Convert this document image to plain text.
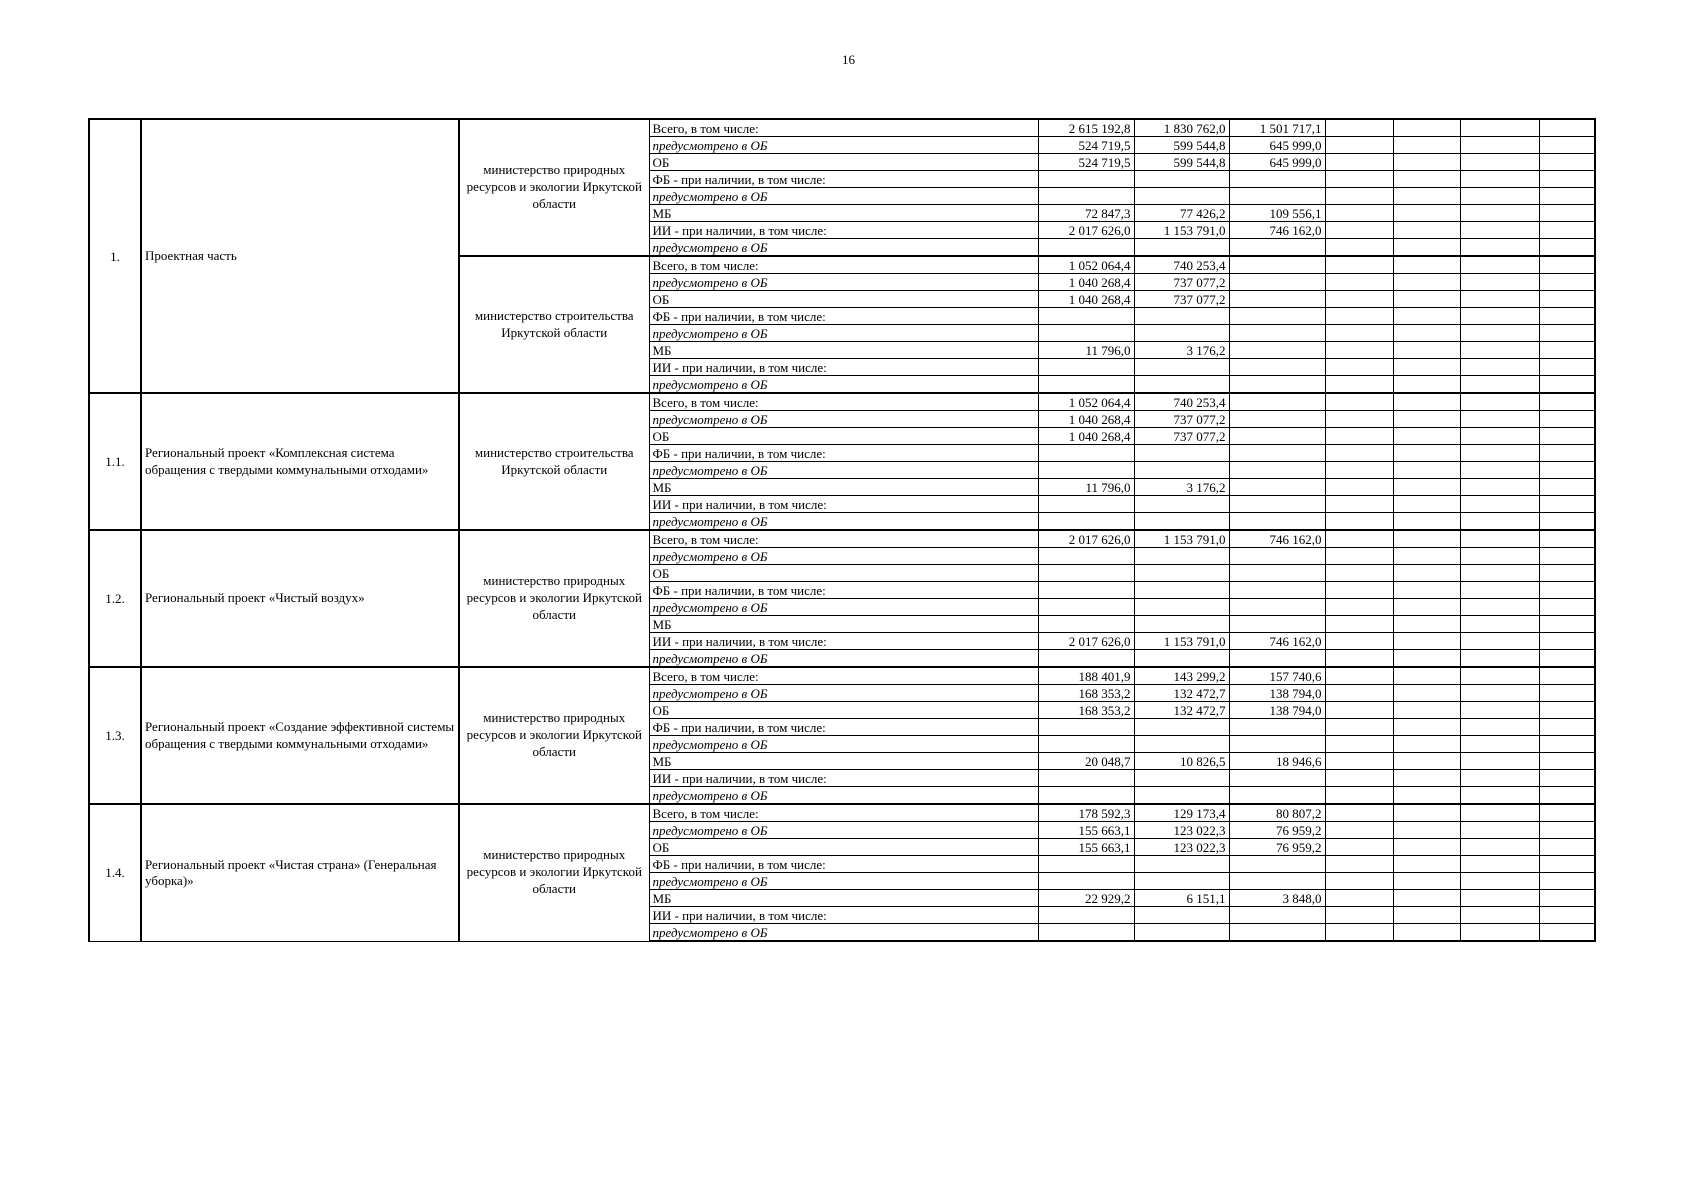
16
1.	Проектная часть	министерство природных ресурсов и экологии Иркутской области	Всего, в том числе:	2 615 192,8	1 830 762,0	1 501 717,1				
			предусмотрено в ОБ	524 719,5	599 544,8	645 999,0				
			ОБ	524 719,5	599 544,8	645 999,0				
			ФБ - при наличии, в том числе:							
			предусмотрено в ОБ							
			МБ	72 847,3	77 426,2	109 556,1				
			ИИ - при наличии, в том числе:	2 017 626,0	1 153 791,0	746 162,0				
			предусмотрено в ОБ							
		министерство строительства Иркутской области	Всего, в том числе:	1 052 064,4	740 253,4					
			предусмотрено в ОБ	1 040 268,4	737 077,2					
			ОБ	1 040 268,4	737 077,2					
			ФБ - при наличии, в том числе:							
			предусмотрено в ОБ							
			МБ	11 796,0	3 176,2					
			ИИ - при наличии, в том числе:							
			предусмотрено в ОБ							
1.1.	Региональный проект «Комплексная система обращения с твердыми коммунальными отходами»	министерство строительства Иркутской области	Всего, в том числе:	1 052 064,4	740 253,4					
			предусмотрено в ОБ	1 040 268,4	737 077,2					
			ОБ	1 040 268,4	737 077,2					
			ФБ - при наличии, в том числе:							
			предусмотрено в ОБ							
			МБ	11 796,0	3 176,2					
			ИИ - при наличии, в том числе:							
			предусмотрено в ОБ							
1.2.	Региональный проект «Чистый воздух»	министерство природных ресурсов и экологии Иркутской области	Всего, в том числе:	2 017 626,0	1 153 791,0	746 162,0				
			предусмотрено в ОБ							
			ОБ							
			ФБ - при наличии, в том числе:							
			предусмотрено в ОБ							
			МБ							
			ИИ - при наличии, в том числе:	2 017 626,0	1 153 791,0	746 162,0				
			предусмотрено в ОБ							
1.3.	Региональный проект «Создание эффективной системы обращения с твердыми коммунальными отходами»	министерство природных ресурсов и экологии Иркутской области	Всего, в том числе:	188 401,9	143 299,2	157 740,6				
			предусмотрено в ОБ	168 353,2	132 472,7	138 794,0				
			ОБ	168 353,2	132 472,7	138 794,0				
			ФБ - при наличии, в том числе:							
			предусмотрено в ОБ							
			МБ	20 048,7	10 826,5	18 946,6				
			ИИ - при наличии, в том числе:							
			предусмотрено в ОБ							
1.4.	Региональный проект «Чистая страна» (Генеральная уборка)»	министерство природных ресурсов и экологии Иркутской области	Всего, в том числе:	178 592,3	129 173,4	80 807,2				
			предусмотрено в ОБ	155 663,1	123 022,3	76 959,2				
			ОБ	155 663,1	123 022,3	76 959,2				
			ФБ - при наличии, в том числе:							
			предусмотрено в ОБ							
			МБ	22 929,2	6 151,1	3 848,0				
			ИИ - при наличии, в том числе:							
			предусмотрено в ОБ							
